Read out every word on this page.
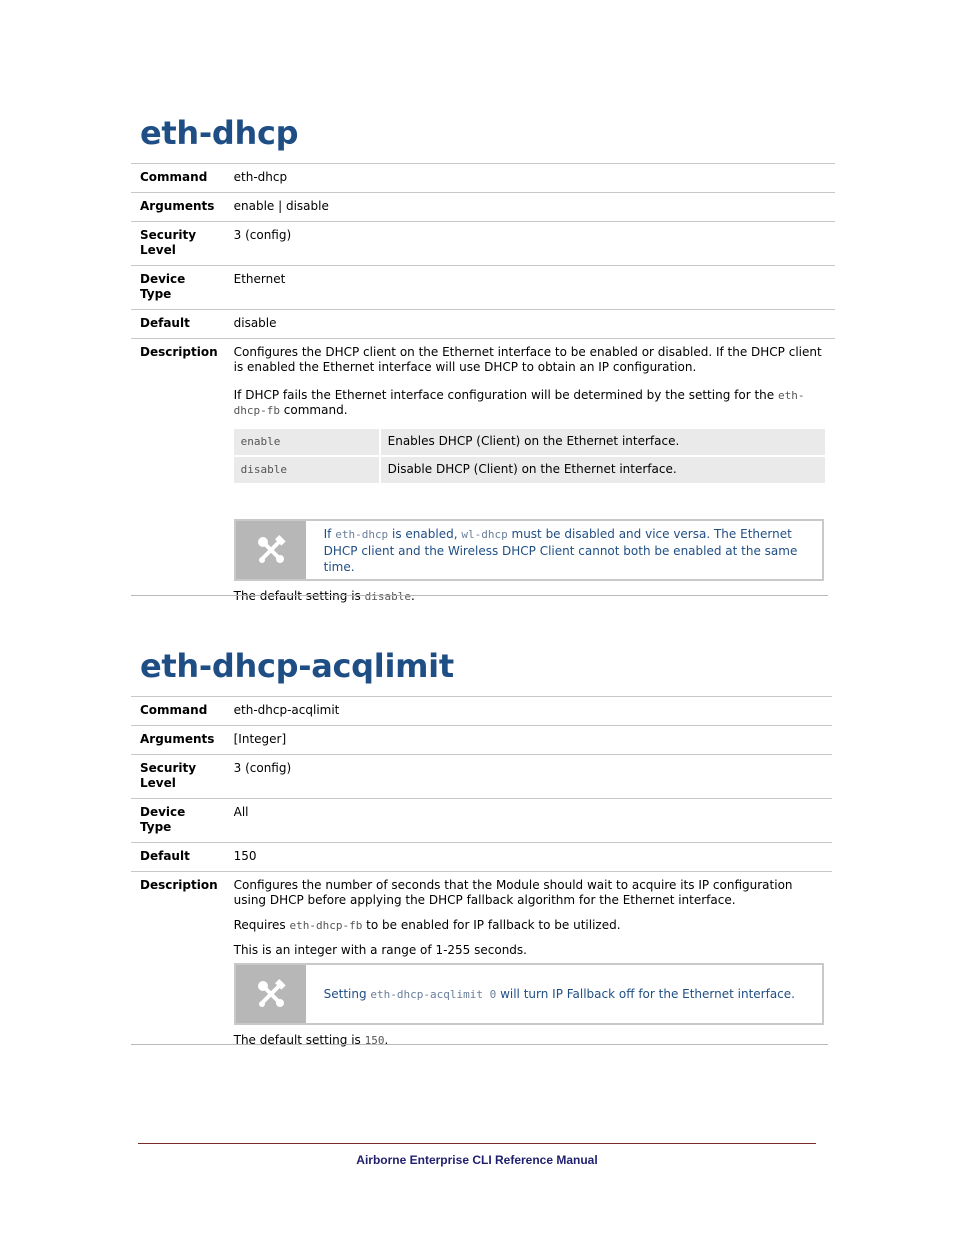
eth-dhcp
Command	eth-dhcp
Arguments	enable | disable
Security
Level	3 (config)
Device Type	Ethernet
Default	disable
Description	Configures the DHCP client on the Ethernet interface to be enabled or disabled. If the DHCP client is enabled the Ethernet interface will use DHCP to obtain an IP configuration.

If DHCP fails the Ethernet interface configuration will be determined by the setting for the eth-dhcp-fb command.

enable	Enables DHCP (Client) on the Ethernet interface.
disable	Disable DHCP (Client) on the Ethernet interface.
If eth-dhcp is enabled, wl-dhcp must be disabled and vice versa. The Ethernet DHCP client and the Wireless DHCP Client cannot both be enabled at the same time.

The default setting is disable.

eth-dhcp-acqlimit
Command	eth-dhcp-acqlimit
Arguments	[Integer]
Security
Level	3 (config)
Device Type	All
Default	150
Description	Configures the number of seconds that the Module should wait to acquire its IP configuration using DHCP before applying the DHCP fallback algorithm for the Ethernet interface.

Requires eth-dhcp-fb to be enabled for IP fallback to be utilized.

This is an integer with a range of 1-255 seconds.

Setting eth-dhcp-acqlimit 0 will turn IP Fallback off for the Ethernet interface.

The default setting is 150.

Airborne Enterprise CLI Reference Manual
